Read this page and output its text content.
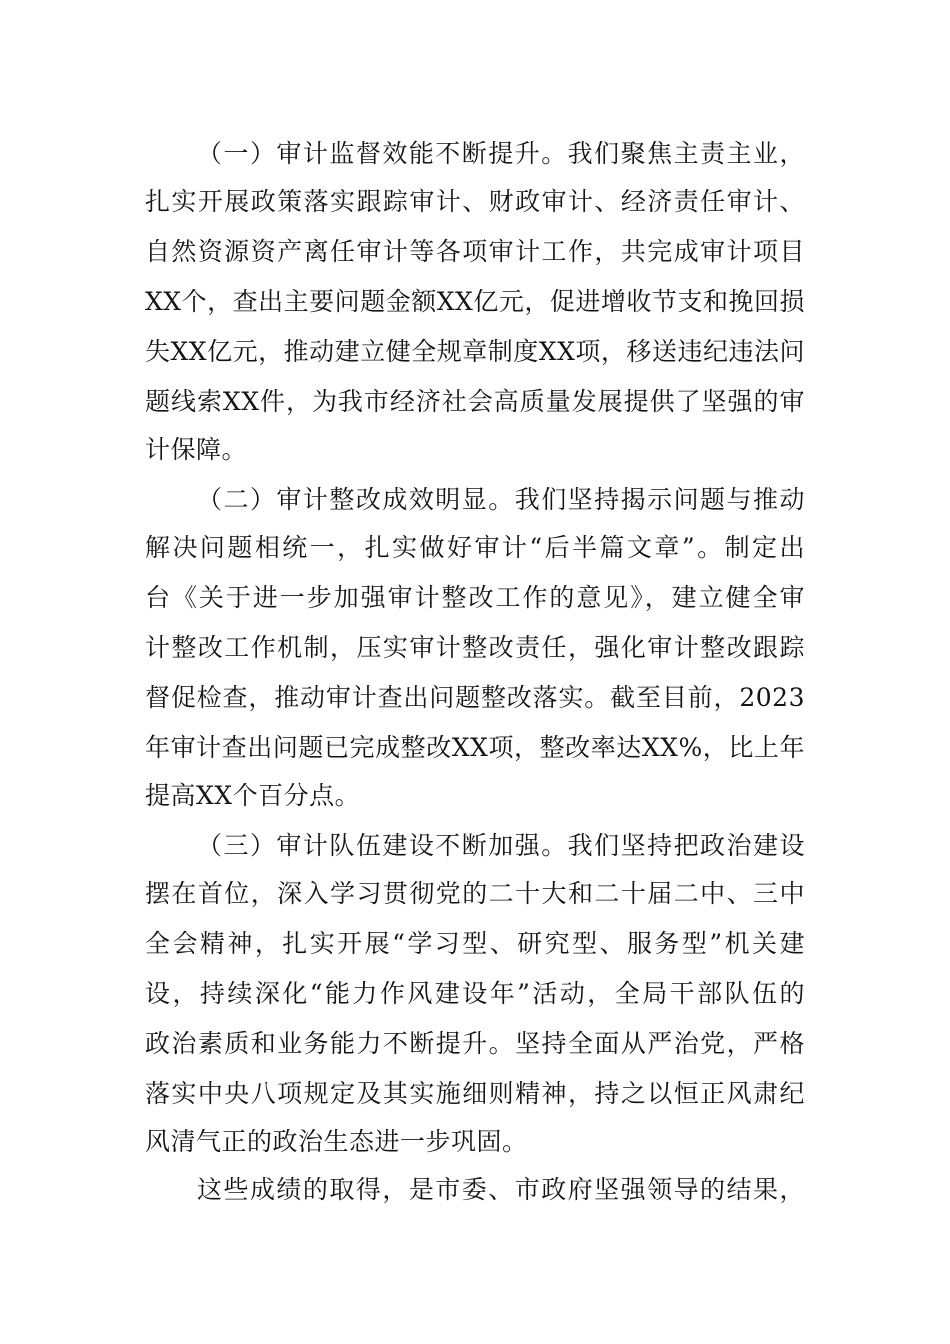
（一）审计监督效能不断提升。我们聚焦主责主业，
扎实开展政策落实跟踪审计、财政审计、经济责任审计、
自然资源资产离任审计等各项审计工作，共完成审计项目
XX个，查出主要问题金额XX亿元，促进增收节支和挽回损
失XX亿元，推动建立健全规章制度XX项，移送违纪违法问
题线索XX件，为我市经济社会高质量发展提供了坚强的审
计保障。
（二）审计整改成效明显。我们坚持揭示问题与推动
解决问题相统一，扎实做好审计“后半篇文章”。制定出
台《关于进一步加强审计整改工作的意见》，建立健全审
计整改工作机制，压实审计整改责任，强化审计整改跟踪
督促检查，推动审计查出问题整改落实。截至目前，2023
年审计查出问题已完成整改XX项，整改率达XX%，比上年
提高XX个百分点。
（三）审计队伍建设不断加强。我们坚持把政治建设
摆在首位，深入学习贯彻党的二十大和二十届二中、三中
全会精神，扎实开展“学习型、研究型、服务型”机关建
设，持续深化“能力作风建设年”活动，全局干部队伍的
政治素质和业务能力不断提升。坚持全面从严治党，严格
落实中央八项规定及其实施细则精神，持之以恒正风肃纪
风清气正的政治生态进一步巩固。
这些成绩的取得，是市委、市政府坚强领导的结果，
